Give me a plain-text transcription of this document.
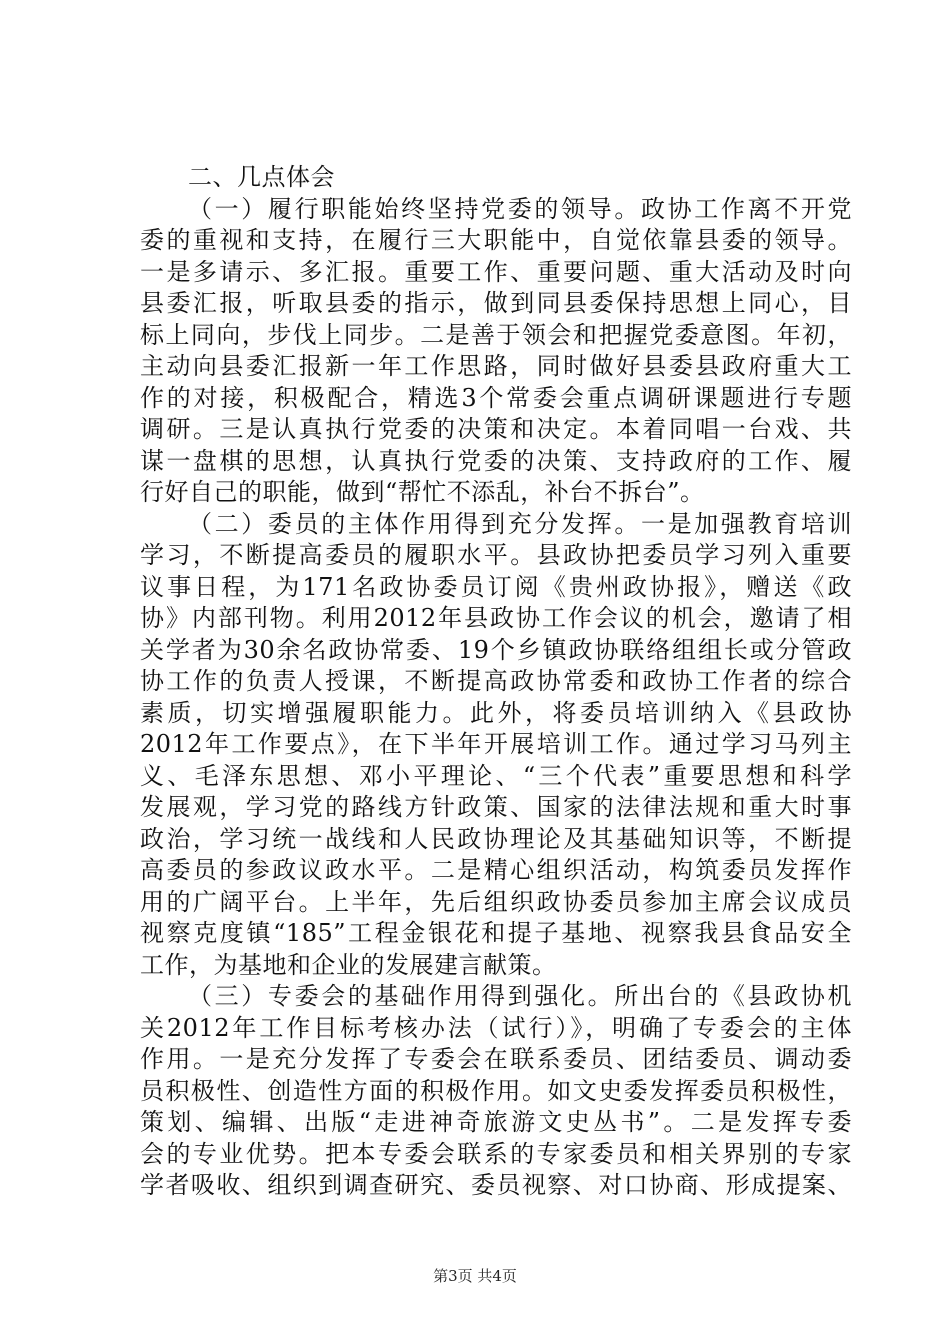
二、几点体会
（一）履行职能始终坚持党委的领导。政协工作离不开党
委的重视和支持，在履行三大职能中，自觉依靠县委的领导。
一是多请示、多汇报。重要工作、重要问题、重大活动及时向
县委汇报，听取县委的指示，做到同县委保持思想上同心，目
标上同向，步伐上同步。二是善于领会和把握党委意图。年初，
主动向县委汇报新一年工作思路，同时做好县委县政府重大工
作的对接，积极配合，精选3个常委会重点调研课题进行专题
调研。三是认真执行党委的决策和决定。本着同唱一台戏、共
谋一盘棋的思想，认真执行党委的决策、支持政府的工作、履
行好自己的职能，做到“帮忙不添乱，补台不拆台”。
（二）委员的主体作用得到充分发挥。一是加强教育培训
学习，不断提高委员的履职水平。县政协把委员学习列入重要
议事日程，为171名政协委员订阅《贵州政协报》，赠送《政
协》内部刊物。利用2012年县政协工作会议的机会，邀请了相
关学者为30余名政协常委、19个乡镇政协联络组组长或分管政
协工作的负责人授课，不断提高政协常委和政协工作者的综合
素质，切实增强履职能力。此外，将委员培训纳入《县政协
2012年工作要点》，在下半年开展培训工作。通过学习马列主
义、毛泽东思想、邓小平理论、“三个代表”重要思想和科学
发展观，学习党的路线方针政策、国家的法律法规和重大时事
政治，学习统一战线和人民政协理论及其基础知识等，不断提
高委员的参政议政水平。二是精心组织活动，构筑委员发挥作
用的广阔平台。上半年，先后组织政协委员参加主席会议成员
视察克度镇“185”工程金银花和提子基地、视察我县食品安全
工作，为基地和企业的发展建言献策。
（三）专委会的基础作用得到强化。所出台的《县政协机
关2012年工作目标考核办法（试行）》，明确了专委会的主体
作用。一是充分发挥了专委会在联系委员、团结委员、调动委
员积极性、创造性方面的积极作用。如文史委发挥委员积极性，
策划、编辑、出版“走进神奇旅游文史丛书”。二是发挥专委
会的专业优势。把本专委会联系的专家委员和相关界别的专家
学者吸收、组织到调查研究、委员视察、对口协商、形成提案、
第3页 共4页
